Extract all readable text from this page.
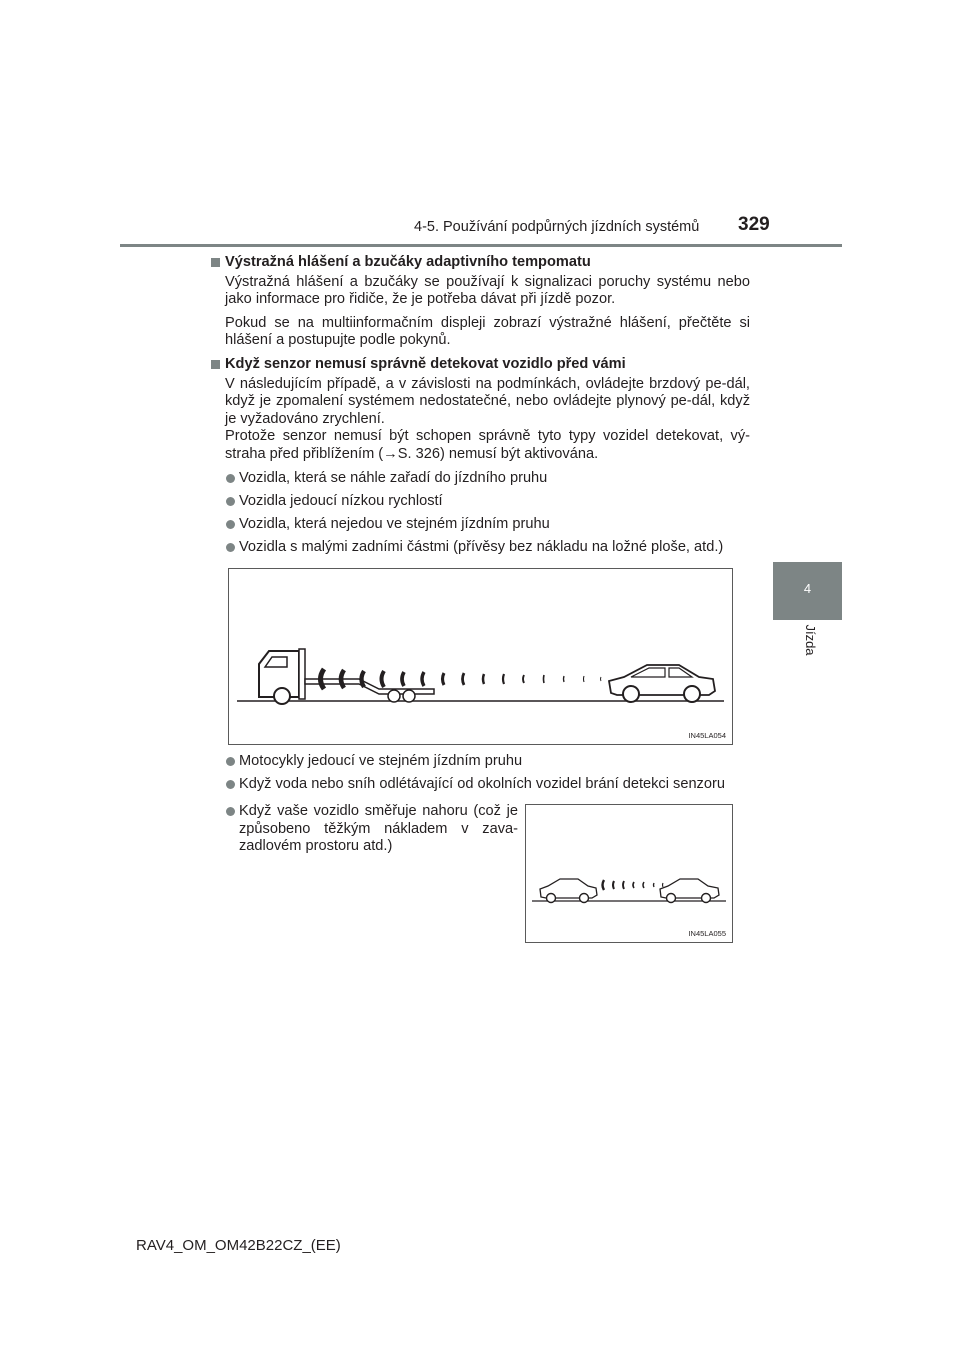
4-5. Používání podpůrných jízdních systémů 329
4
Jízda
Výstražná hlášení a bzučáky adaptivního tempomatu

Výstražná hlášení a bzučáky se používají k signalizaci poruchy systému nebo jako informace pro řidiče, že je potřeba dávat při jízdě pozor.

Pokud se na multiinformačním displeji zobrazí výstražné hlášení, přečtěte si hlášení a postupujte podle pokynů.

Když senzor nemusí správně detekovat vozidlo před vámi

V následujícím případě, a v závislosti na podmínkách, ovládejte brzdový pe-dál, když je zpomalení systémem nedostatečné, nebo ovládejte plynový pe-dál, když je vyžadováno zrychlení.

Protože senzor nemusí být schopen správně tyto typy vozidel detekovat, vý-straha před přiblížením (→S. 326) nemusí být aktivována.

Vozidla, která se náhle zařadí do jízdního pruhu
Vozidla jedoucí nízkou rychlostí
Vozidla, která nejedou ve stejném jízdním pruhu
Vozidla s malými zadními částmi (přívěsy bez nákladu na ložné ploše, atd.)
IN45LA054
Motocykly jedoucí ve stejném jízdním pruhu
Když voda nebo sníh odlétávající od okolních vozidel brání detekci senzoru
Když vaše vozidlo směřuje nahoru (což je způsobeno těžkým nákladem v zava-zadlovém prostoru atd.)
IN45LA055
RAV4_OM_OM42B22CZ_(EE)
